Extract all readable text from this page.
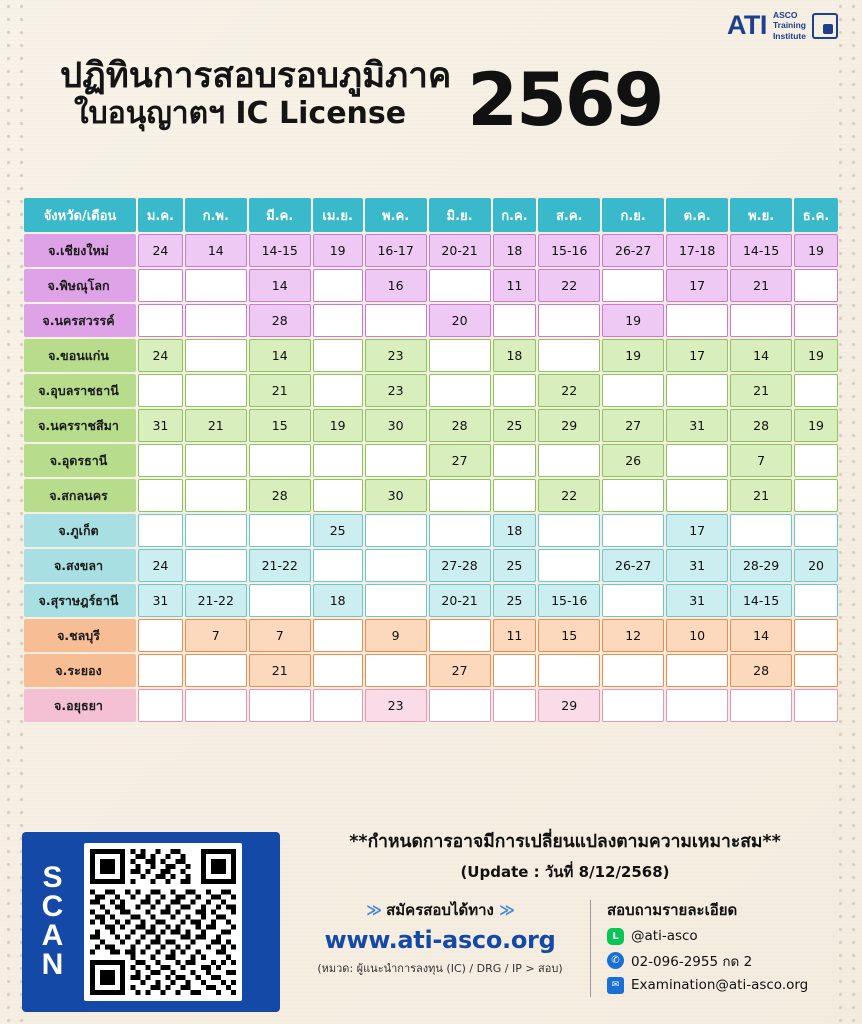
ATI ASCO
Training
Institute
ปฏิทินการสอบรอบภูมิภาค
ใบอนุญาตฯ IC License 2569
จังหวัด/เดือน	ม.ค.	ก.พ.	มี.ค.	เม.ย.	พ.ค.	มิ.ย.	ก.ค.	ส.ค.	ก.ย.	ต.ค.	พ.ย.	ธ.ค.
จ.เชียงใหม่	24	14	14-15	19	16-17	20-21	18	15-16	26-27	17-18	14-15	19
จ.พิษณุโลก			14		16		11	22		17	21	
จ.นครสวรรค์			28			20			19			
จ.ขอนแก่น	24		14		23		18		19	17	14	19
จ.อุบลราชธานี			21		23			22			21	
จ.นครราชสีมา	31	21	15	19	30	28	25	29	27	31	28	19
จ.อุดรธานี						27			26		7	
จ.สกลนคร			28		30			22			21	
จ.ภูเก็ต				25			18			17		
จ.สงขลา	24		21-22			27-28	25		26-27	31	28-29	20
จ.สุราษฎร์ธานี	31	21-22		18		20-21	25	15-16		31	14-15	
จ.ชลบุรี		7	7		9		11	15	12	10	14	
จ.ระยอง			21			27					28	
จ.อยุธยา					23			29				
S
C
A
N
**กำหนดการอาจมีการเปลี่ยนแปลงตามความเหมาะสม**
(Update : วันที่ 8/12/2568)
≫ สมัครสอบได้ทาง ≫
www.ati-asco.org
(หมวด: ผู้แนะนำการลงทุน (IC) / DRG / IP > สอบ)
สอบถามรายละเอียด
L @ati-asco
✆ 02-096-2955 กด 2
✉ Examination@ati-asco.org
